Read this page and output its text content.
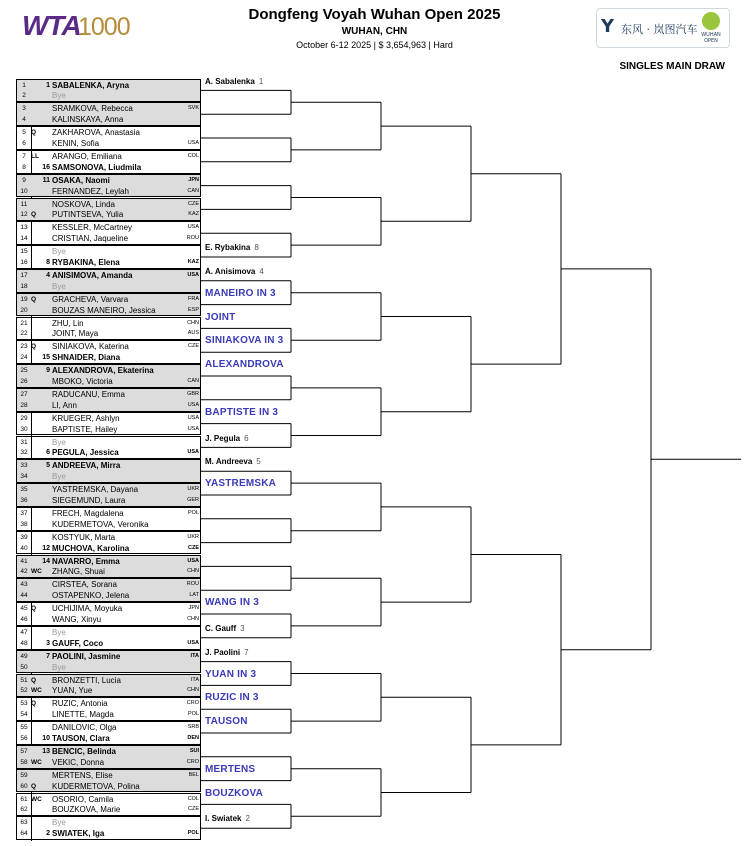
WTA
1000	Dongfeng Voyah Wuhan Open 2025
WUHAN, CHN
October 6-12 2025 | $ 3,654,963 | Hard
Y 东风 · 岚图汽车 WUHAN OPEN
SINGLES MAIN DRAW
1	1 SABALENKA, Aryna
2	Bye
3	SRAMKOVA, Rebecca	SVK
4	KALINSKAYA, Anna
5 Q	ZAKHAROVA, Anastasia
6	KENIN, Sofia	USA
7 LL	ARANGO, Emiliana	COL
8	16 SAMSONOVA, Liudmila
9	11 OSAKA, Naomi	JPN
10	FERNANDEZ, Leylah	CAN
11	NOSKOVA, Linda	CZE
12 Q	PUTINTSEVA, Yulia	KAZ
13	KESSLER, McCartney	USA
14	CRISTIAN, Jaqueline	ROU
15	Bye
16	8 RYBAKINA, Elena	KAZ
17	4 ANISIMOVA, Amanda	USA
18	Bye
19 Q	GRACHEVA, Varvara	FRA
20	BOUZAS MANEIRO, Jessica	ESP
21	ZHU, Lin	CHN
22	JOINT, Maya	AUS
23 Q	SINIAKOVA, Katerina	CZE
24	15 SHNAIDER, Diana
25	9 ALEXANDROVA, Ekaterina
26	MBOKO, Victoria	CAN
27	RADUCANU, Emma	GBR
28	LI, Ann	USA
29	KRUEGER, Ashlyn	USA
30	BAPTISTE, Hailey	USA
31	Bye
32	6 PEGULA, Jessica	USA
33	5 ANDREEVA, Mirra
34	Bye
35	YASTREMSKA, Dayana	UKR
36	SIEGEMUND, Laura	GER
37	FRECH, Magdalena	POL
38	KUDERMETOVA, Veronika
39	KOSTYUK, Marta	UKR
40	12 MUCHOVA, Karolina	CZE
41	14 NAVARRO, Emma	USA
42 WC	ZHANG, Shuai	CHN
43	CIRSTEA, Sorana	ROU
44	OSTAPENKO, Jelena	LAT
45 Q	UCHIJIMA, Moyuka	JPN
46	WANG, Xinyu	CHN
47	Bye
48	3 GAUFF, Coco	USA
49	7 PAOLINI, Jasmine	ITA
50	Bye
51 Q	BRONZETTI, Lucia	ITA
52 WC	YUAN, Yue	CHN
53 Q	RUZIC, Antonia	CRO
54	LINETTE, Magda	POL
55	DANILOVIC, Olga	SRB
56	10 TAUSON, Clara	DEN
57	13 BENCIC, Belinda	SUI
58 WC	VEKIC, Donna	CRO
59	MERTENS, Elise	BEL
60 Q	KUDERMETOVA, Polina
61 WC	OSORIO, Camila	COL
62	BOUZKOVA, Marie	CZE
63	Bye
64	2 SWIATEK, Iga	POL
A. Sabalenka 1
E. Rybakina 8
A. Anisimova 4
MANEIRO IN 3
JOINT
SINIAKOVA IN 3
ALEXANDROVA
BAPTISTE IN 3
J. Pegula 6
M. Andreeva 5
YASTREMSKA
WANG IN 3
C. Gauff 3
J. Paolini 7
YUAN IN 3
RUZIC IN 3
TAUSON
MERTENS
BOUZKOVA
I. Swiatek 2
